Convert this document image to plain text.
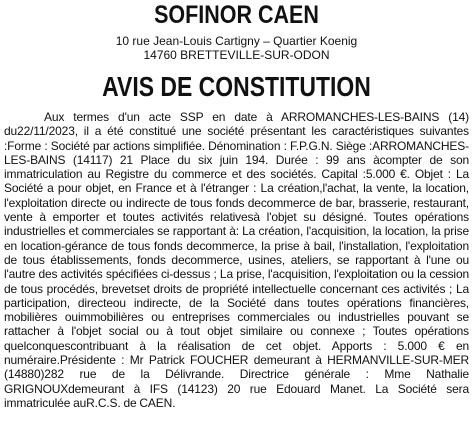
SOFINOR CAEN

10 rue Jean-Louis Cartigny – Quartier Koenig

14760 BRETTEVILLE-SUR-ODON

AVIS DE CONSTITUTION

Aux termes d'un acte SSP en date à ARROMANCHES-LES-BAINS (14) du22/11/2023, il a été constitué une société présentant les caractéristiques suivantes :Forme : Société par actions simplifiée. Dénomination : F.P.G.N. Siège :ARROMANCHES-LES-BAINS (14117) 21 Place du six juin 194. Durée : 99 ans àcompter de son immatriculation au Registre du commerce et des sociétés. Capital :5.000 €. Objet : La Société a pour objet, en France et à l'étranger : La création,l'achat, la vente, la location, l'exploitation directe ou indirecte de tous fonds decommerce de bar, brasserie, restaurant, vente à emporter et toutes activités relativesà l'objet su désigné. Toutes opérations industrielles et commerciales se rapportant à: La création, l'acquisition, la location, la prise en location-gérance de tous fonds decommerce, la prise à bail, l'installation, l'exploitation de tous établissements, fonds decommerce, usines, ateliers, se rapportant à l'une ou l'autre des activités spécifiées ci-dessus ; La prise, l'acquisition, l'exploitation ou la cession de tous procédés, brevetset droits de propriété intellectuelle concernant ces activités ; La participation, directeou indirecte, de la Société dans toutes opérations financières, mobilières ouimmobilières ou entreprises commerciales ou industrielles pouvant se rattacher à l'objet social ou à tout objet similaire ou connexe ; Toutes opérations quelconquescontribuant à la réalisation de cet objet. Apports : 5.000 € en numéraire.Présidente : Mr Patrick FOUCHER demeurant à HERMANVILLE-SUR-MER (14880)282 rue de la Délivrande. Directrice générale : Mme Nathalie GRIGNOUXdemeurant à IFS (14123) 20 rue Edouard Manet. La Société sera immatriculée auR.C.S. de CAEN.
